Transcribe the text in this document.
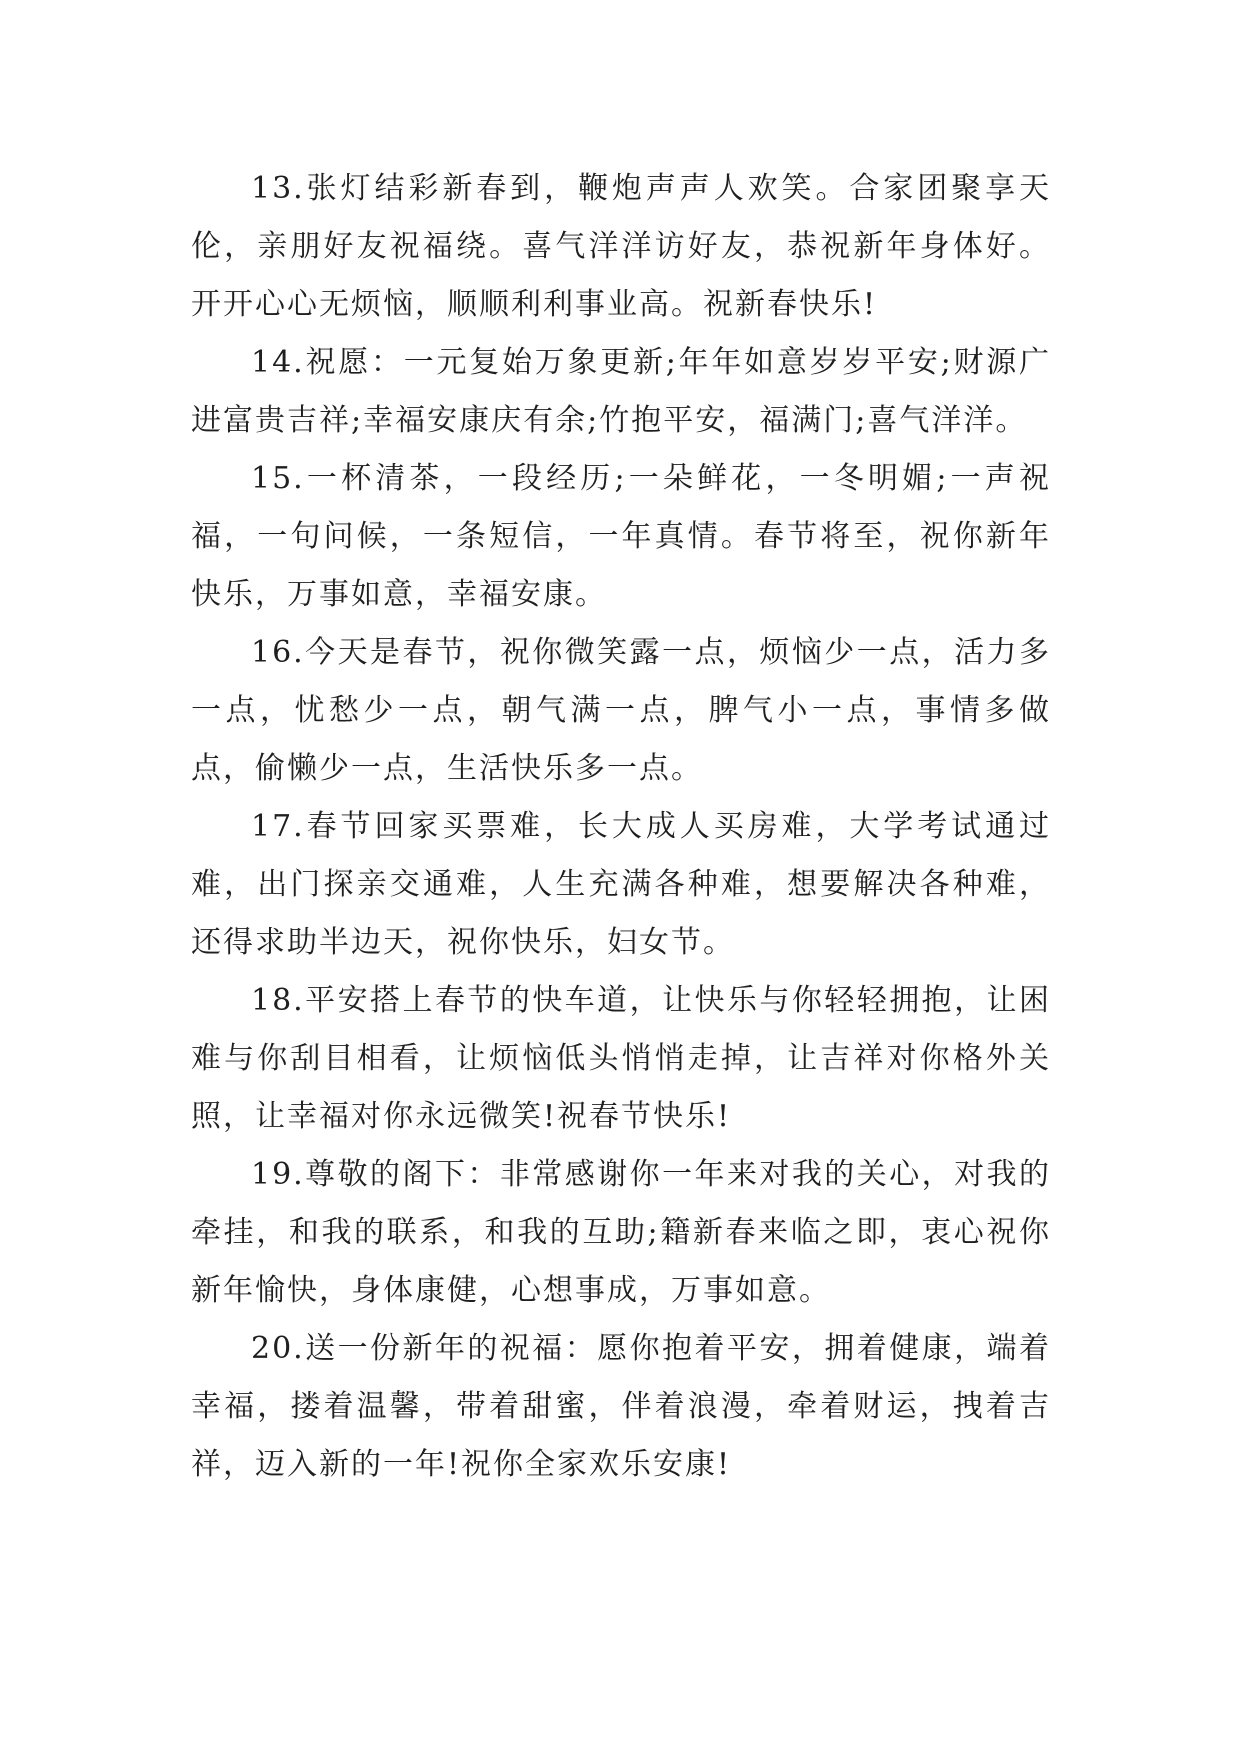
13.张灯结彩新春到，鞭炮声声人欢笑。合家团聚享天伦，亲朋好友祝福绕。喜气洋洋访好友，恭祝新年身体好。开开心心无烦恼，顺顺利利事业高。祝新春快乐!

14.祝愿：一元复始万象更新;年年如意岁岁平安;财源广进富贵吉祥;幸福安康庆有余;竹抱平安，福满门;喜气洋洋。

15.一杯清茶，一段经历;一朵鲜花，一冬明媚;一声祝福，一句问候，一条短信，一年真情。春节将至，祝你新年快乐，万事如意，幸福安康。

16.今天是春节，祝你微笑露一点，烦恼少一点，活力多一点，忧愁少一点，朝气满一点，脾气小一点，事情多做点，偷懒少一点，生活快乐多一点。

17.春节回家买票难，长大成人买房难，大学考试通过难，出门探亲交通难，人生充满各种难，想要解决各种难，还得求助半边天，祝你快乐，妇女节。

18.平安搭上春节的快车道，让快乐与你轻轻拥抱，让困难与你刮目相看，让烦恼低头悄悄走掉，让吉祥对你格外关照，让幸福对你永远微笑!祝春节快乐!

19.尊敬的阁下：非常感谢你一年来对我的关心，对我的牵挂，和我的联系，和我的互助;籍新春来临之即，衷心祝你新年愉快，身体康健，心想事成，万事如意。

20.送一份新年的祝福：愿你抱着平安，拥着健康，端着幸福，搂着温馨，带着甜蜜，伴着浪漫，牵着财运，拽着吉祥，迈入新的一年!祝你全家欢乐安康!
